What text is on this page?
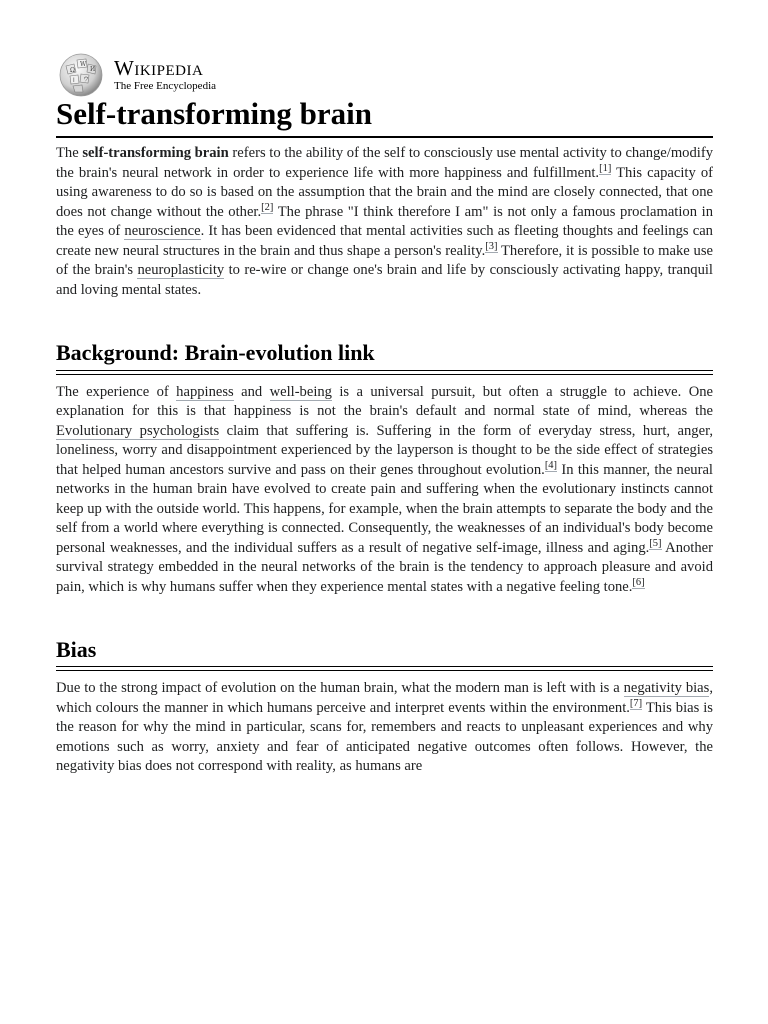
Ω
W
И
ا ウ Wikipedia
The Free Encyclopedia
Self-transforming brain

The self-transforming brain refers to the ability of the self to consciously use mental activity to change/modify the brain's neural network in order to experience life with more happiness and fulfillment.[1] This capacity of using awareness to do so is based on the assumption that the brain and the mind are closely connected, that one does not change without the other.[2] The phrase "I think therefore I am" is not only a famous proclamation in the eyes of neuroscience. It has been evidenced that mental activities such as fleeting thoughts and feelings can create new neural structures in the brain and thus shape a person's reality.[3] Therefore, it is possible to make use of the brain's neuroplasticity to re-wire or change one's brain and life by consciously activating happy, tranquil and loving mental states.

Background: Brain-evolution link

The experience of happiness and well-being is a universal pursuit, but often a struggle to achieve. One explanation for this is that happiness is not the brain's default and normal state of mind, whereas the Evolutionary psychologists claim that suffering is. Suffering in the form of everyday stress, hurt, anger, loneliness, worry and disappointment experienced by the layperson is thought to be the side effect of strategies that helped human ancestors survive and pass on their genes throughout evolution.[4] In this manner, the neural networks in the human brain have evolved to create pain and suffering when the evolutionary instincts cannot keep up with the outside world. This happens, for example, when the brain attempts to separate the body and the self from a world where everything is connected. Consequently, the weaknesses of an individual's body become personal weaknesses, and the individual suffers as a result of negative self-image, illness and aging.[5] Another survival strategy embedded in the neural networks of the brain is the tendency to approach pleasure and avoid pain, which is why humans suffer when they experience mental states with a negative feeling tone.[6]

Bias

Due to the strong impact of evolution on the human brain, what the modern man is left with is a negativity bias, which colours the manner in which humans perceive and interpret events within the environment.[7] This bias is the reason for why the mind in particular, scans for, remembers and reacts to unpleasant experiences and why emotions such as worry, anxiety and fear of anticipated negative outcomes often follows. However, the negativity bias does not correspond with reality, as humans are
